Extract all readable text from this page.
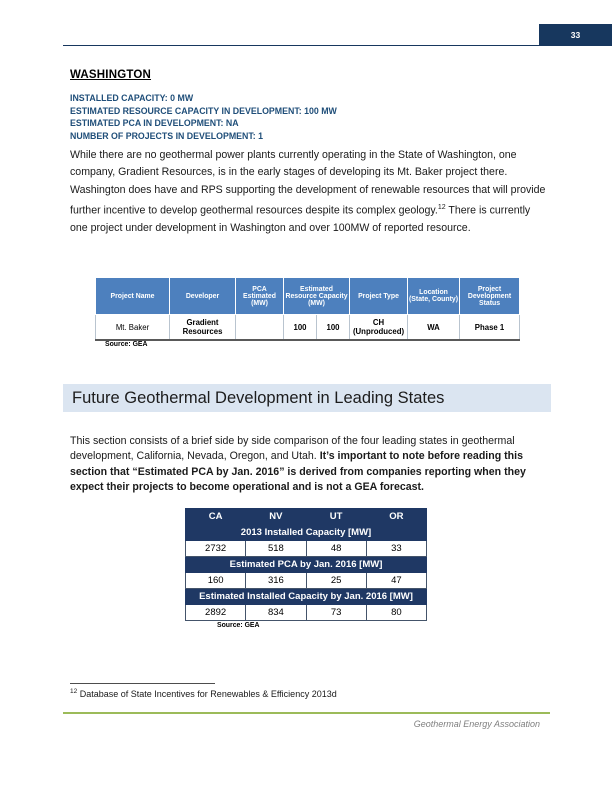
33
WASHINGTON
INSTALLED CAPACITY: 0 MW
ESTIMATED RESOURCE CAPACITY IN DEVELOPMENT: 100 MW
ESTIMATED PCA IN DEVELOPMENT: NA
NUMBER OF PROJECTS IN DEVELOPMENT: 1

While there are no geothermal power plants currently operating in the State of Washington, one company, Gradient Resources, is in the early stages of developing its Mt. Baker project there. Washington does have and RPS supporting the development of renewable resources that will provide further incentive to develop geothermal resources despite its complex geology.$^{12}$ There is currently one project under development in Washington and over 100MW of reported resource.

Project Name	Developer	PCA Estimated (MW)	Estimated Resource Capacity (MW)		Project Type	Location (State, County)	Project Development Status
Mt. Baker	Gradient Resources		100	100	CH (Unproduced)	WA	Phase 1
Source: GEA
Future Geothermal Development in Leading States

This section consists of a brief side by side comparison of the four leading states in geothermal development, California, Nevada, Oregon, and Utah. It’s important to note before reading this section that “Estimated PCA by Jan. 2016” is derived from companies reporting when they expect their projects to become operational and is not a GEA forecast.

CA	NV	UT	OR
2013 Installed Capacity [MW]			
2732	518	48	33
Estimated PCA by Jan. 2016 [MW]			
160	316	25	47
Estimated Installed Capacity by Jan. 2016 [MW]			
2892	834	73	80
Source: GEA
$^{12}$ Database of State Incentives for Renewables & Efficiency 2013d
Geothermal Energy Association
